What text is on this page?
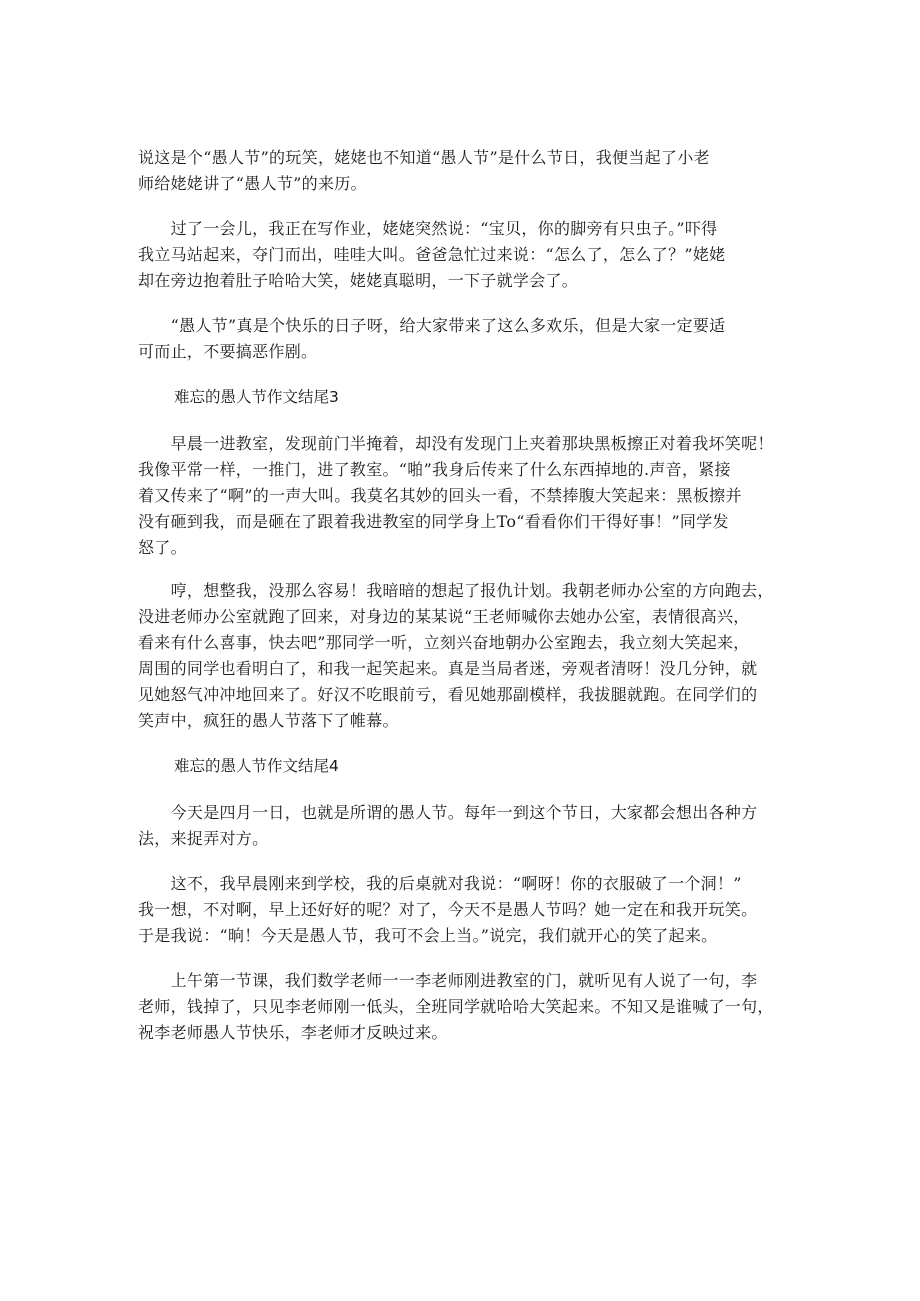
说这是个“愚人节”的玩笑，姥姥也不知道“愚人节”是什么节日，我便当起了小老
师给姥姥讲了“愚人节”的来历。
　　过了一会儿，我正在写作业，姥姥突然说：“宝贝，你的脚旁有只虫子。”吓得
我立马站起来，夺门而出，哇哇大叫。爸爸急忙过来说：“怎么了，怎么了？”姥姥
却在旁边抱着肚子哈哈大笑，姥姥真聪明，一下子就学会了。
　　“愚人节”真是个快乐的日子呀，给大家带来了这么多欢乐，但是大家一定要适
可而止，不要搞恶作剧。
难忘的愚人节作文结尾3
　　早晨一进教室，发现前门半掩着，却没有发现门上夹着那块黑板擦正对着我坏笑呢！
我像平常一样，一推门，进了教室。“啪”我身后传来了什么东西掉地的.声音，紧接
着又传来了“啊”的一声大叫。我莫名其妙的回头一看，不禁捧腹大笑起来：黑板擦并
没有砸到我，而是砸在了跟着我进教室的同学身上To“看看你们干得好事！”同学发
怒了。
　　哼，想整我，没那么容易！我暗暗的想起了报仇计划。我朝老师办公室的方向跑去，
没进老师办公室就跑了回来，对身边的某某说“王老师喊你去她办公室，表情很高兴，
看来有什么喜事，快去吧”那同学一听，立刻兴奋地朝办公室跑去，我立刻大笑起来，
周围的同学也看明白了，和我一起笑起来。真是当局者迷，旁观者清呀！没几分钟，就
见她怒气冲冲地回来了。好汉不吃眼前亏，看见她那副模样，我拔腿就跑。在同学们的
笑声中，疯狂的愚人节落下了帷幕。
难忘的愚人节作文结尾4
　　今天是四月一日，也就是所谓的愚人节。每年一到这个节日，大家都会想出各种方
法，来捉弄对方。
　　这不，我早晨刚来到学校，我的后桌就对我说：“啊呀！你的衣服破了一个洞！”
我一想，不对啊，早上还好好的呢？对了，今天不是愚人节吗？她一定在和我开玩笑。
于是我说：“晌！今天是愚人节，我可不会上当。”说完，我们就开心的笑了起来。
　　上午第一节课，我们数学老师一一李老师刚进教室的门，就听见有人说了一句，李
老师，钱掉了，只见李老师刚一低头，全班同学就哈哈大笑起来。不知又是谁喊了一句，
祝李老师愚人节快乐，李老师才反映过来。
